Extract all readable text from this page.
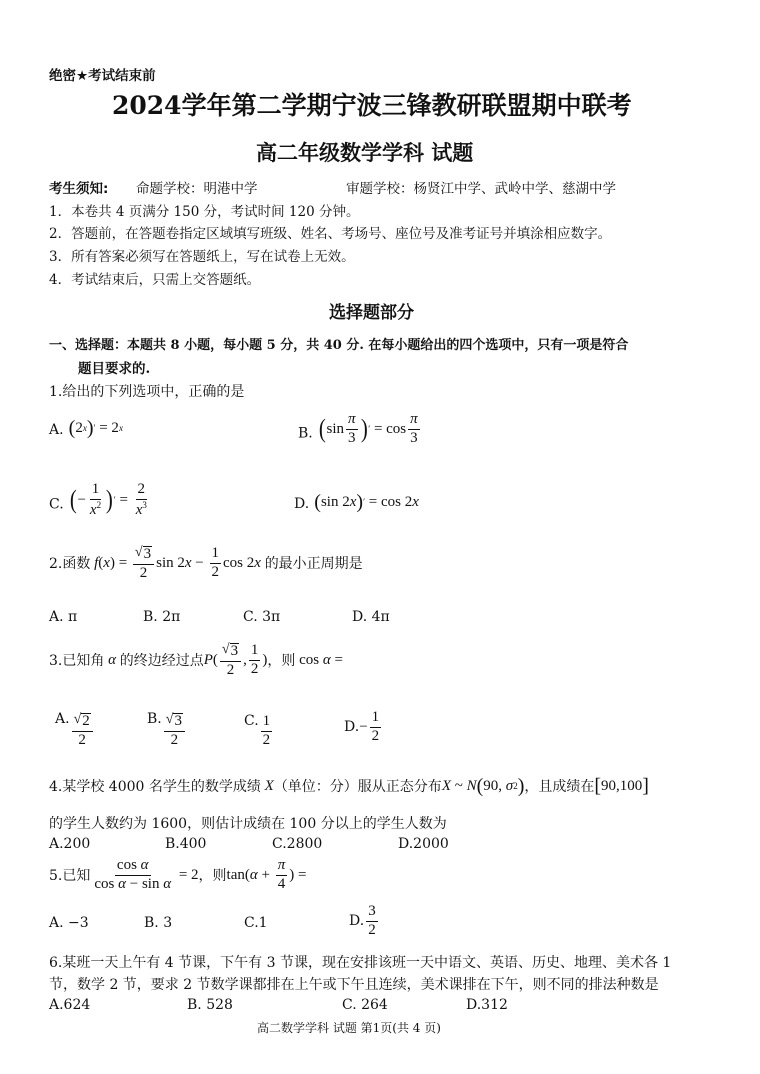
绝密★考试结束前
2024学年第二学期宁波三锋教研联盟期中联考
高二年级数学学科 试题
考生须知: 命题学校：明港中学	审题学校：杨贤江中学、武岭中学、慈湖中学
1．本卷共 4 页满分 150 分，考试时间 120 分钟。
2．答题前，在答题卷指定区域填写班级、姓名、考场号、座位号及准考证号并填涂相应数字。
3．所有答案必须写在答题纸上，写在试卷上无效。
4．考试结束后，只需上交答题纸。
选择题部分
一、选择题：本题共 8 小题，每小题 5 分，共 40 分. 在每小题给出的四个选项中，只有一项是符合
题目要求的.
1.给出的下列选项中，正确的是
A. ( 2 x ) ′ = 2 x	B. ( $\sin \frac{\pi}{3}$ ) ′ = $\cos \frac{\pi}{3}$
C. ( − $\frac{1}{x^2}$ ) ′ = $\frac{2}{x^3}$	D. ( sin 2 x ) ′ = cos 2 x
2.函数
f ( x ) = $\frac{√ 3}{2}$ sin 2 $x - \frac{1}{2}$ cos 2 x
的最小正周期是
A. π	B. 2π	C. 3π	D. 4π
3.已知角 α 的终边经过点 P ( $\frac{√ 3}{2}$ , $\frac{1}{2}$ ) ，则 cos α =
A. $\frac{√ 2}{2}$	B. $\frac{√ 3}{2}$	C. $\frac{1}{2}$	$D.- \frac{1}{2}$
4.某学校 4000 名学生的数学成绩 X （单位：分）服从正态分布 X ~ N ( 90, σ 2 ) ，且成绩在 [ 90,100 ]
的学生人数约为 1600，则估计成绩在 100 分以上的学生人数为
A.200	B.400	C.2800	D.2000
5.已知 $\frac{\text{cos α}}{\text{cos α − sin α}} = 2$ ，则 tan( $\alpha + \frac{\pi}{4}$ ) =
A. −3	B. 3	C.1	D. $\frac{3}{2}$
6.某班一天上午有 4 节课，下午有 3 节课，现在安排该班一天中语文、英语、历史、地理、美术各 1
节，数学 2 节，要求 2 节数学课都排在上午或下午且连续，美术课排在下午，则不同的排法种数是
A.624	B. 528	C. 264	D.312
高二数学学科 试题 第1页(共 4 页)
